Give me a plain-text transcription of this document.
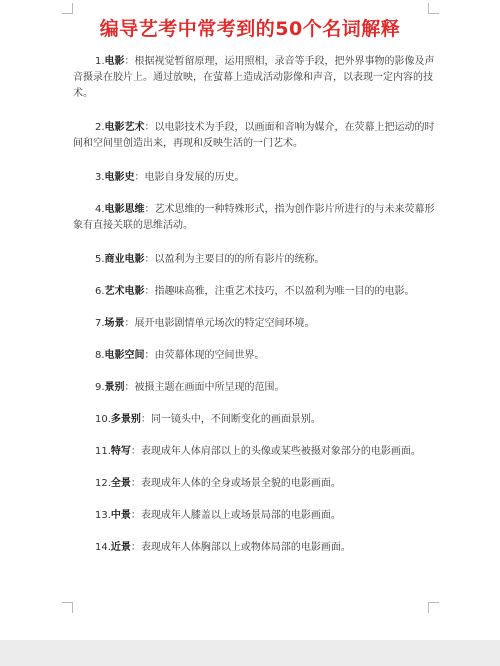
编导艺考中常考到的50个名词解释

1.电影：根据视觉暂留原理，运用照相，录音等手段，把外界事物的影像及声音摄录在胶片上。通过放映，在萤幕上造成活动影像和声音，以表现一定内容的技术。

2.电影艺术：以电影技术为手段，以画面和音响为媒介，在荧幕上把运动的时间和空间里创造出来，再现和反映生活的一门艺术。

3.电影史：电影自身发展的历史。

4.电影思维：艺术思维的一种特殊形式，指为创作影片所进行的与未来荧幕形象有直接关联的思维活动。

5.商业电影：以盈利为主要目的的所有影片的统称。

6.艺术电影：指趣味高雅，注重艺术技巧，不以盈利为唯一目的的电影。

7.场景：展开电影剧情单元场次的特定空间环境。

8.电影空间：由荧幕体现的空间世界。

9.景别：被摄主题在画面中所呈现的范围。

10.多景别：同一镜头中，不间断变化的画面景别。

11.特写：表现成年人体肩部以上的头像或某些被摄对象部分的电影画面。

12.全景：表现成年人体的全身或场景全貌的电影画面。

13.中景：表现成年人膝盖以上或场景局部的电影画面。

14.近景：表现成年人体胸部以上或物体局部的电影画面。
